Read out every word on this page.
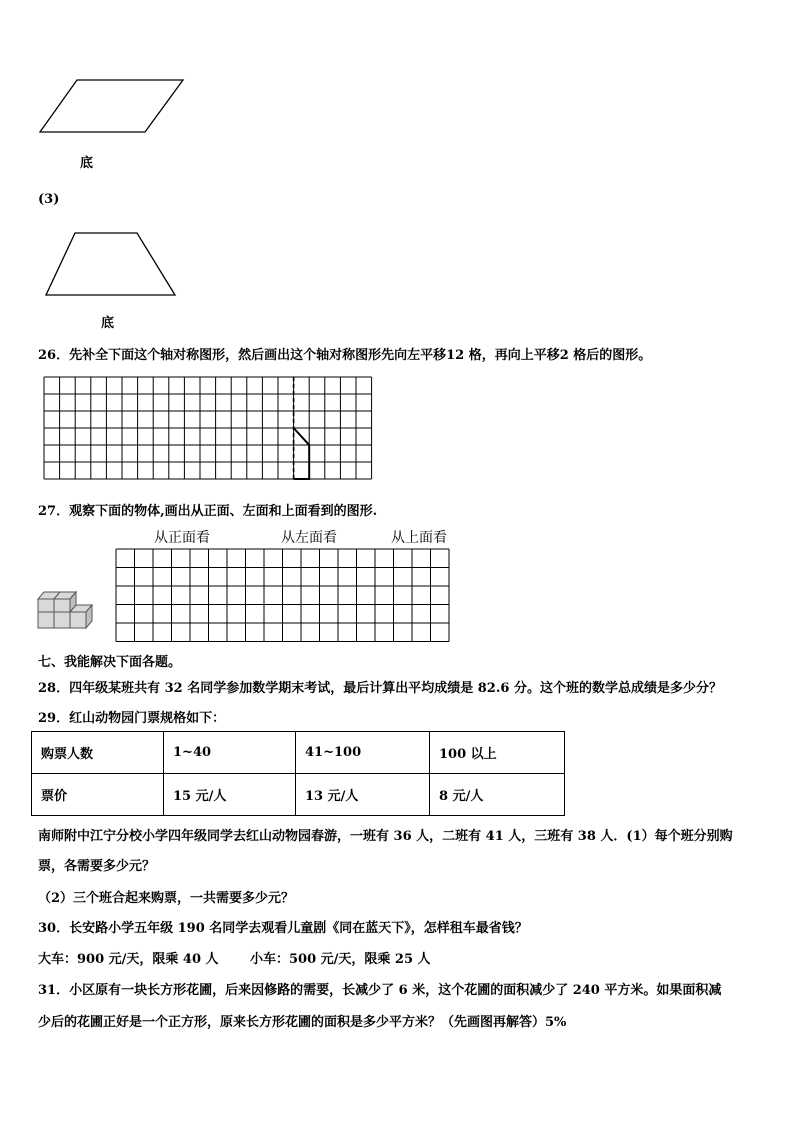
底
(3)
底
26．先补全下面这个轴对称图形，然后画出这个轴对称图形先向左平移12 格，再向上平移2 格后的图形。
27．观察下面的物体,画出从正面、左面和上面看到的图形.
从正面看	从左面看	从上面看
七、我能解决下面各题。
28．四年级某班共有 32 名同学参加数学期末考试，最后计算出平均成绩是 82.6 分。这个班的数学总成绩是多少分？
29．红山动物园门票规格如下：
购票人数	1~40	41~100	100 以上
票价	15 元/人	13 元/人	8 元/人
南师附中江宁分校小学四年级同学去红山动物园春游，一班有 36 人，二班有 41 人，三班有 38 人．(1）每个班分别购
票，各需要多少元？
（2）三个班合起来购票，一共需要多少元？
30．长安路小学五年级 190 名同学去观看儿童剧《同在蓝天下》，怎样租车最省钱？
大车：900 元/天，限乘 40 人 小车：500 元/天，限乘 25 人
31．小区原有一块长方形花圃，后来因修路的需要，长减少了 6 米，这个花圃的面积减少了 240 平方米。如果面积减
少后的花圃正好是一个正方形，原来长方形花圃的面积是多少平方米？（先画图再解答）5%
